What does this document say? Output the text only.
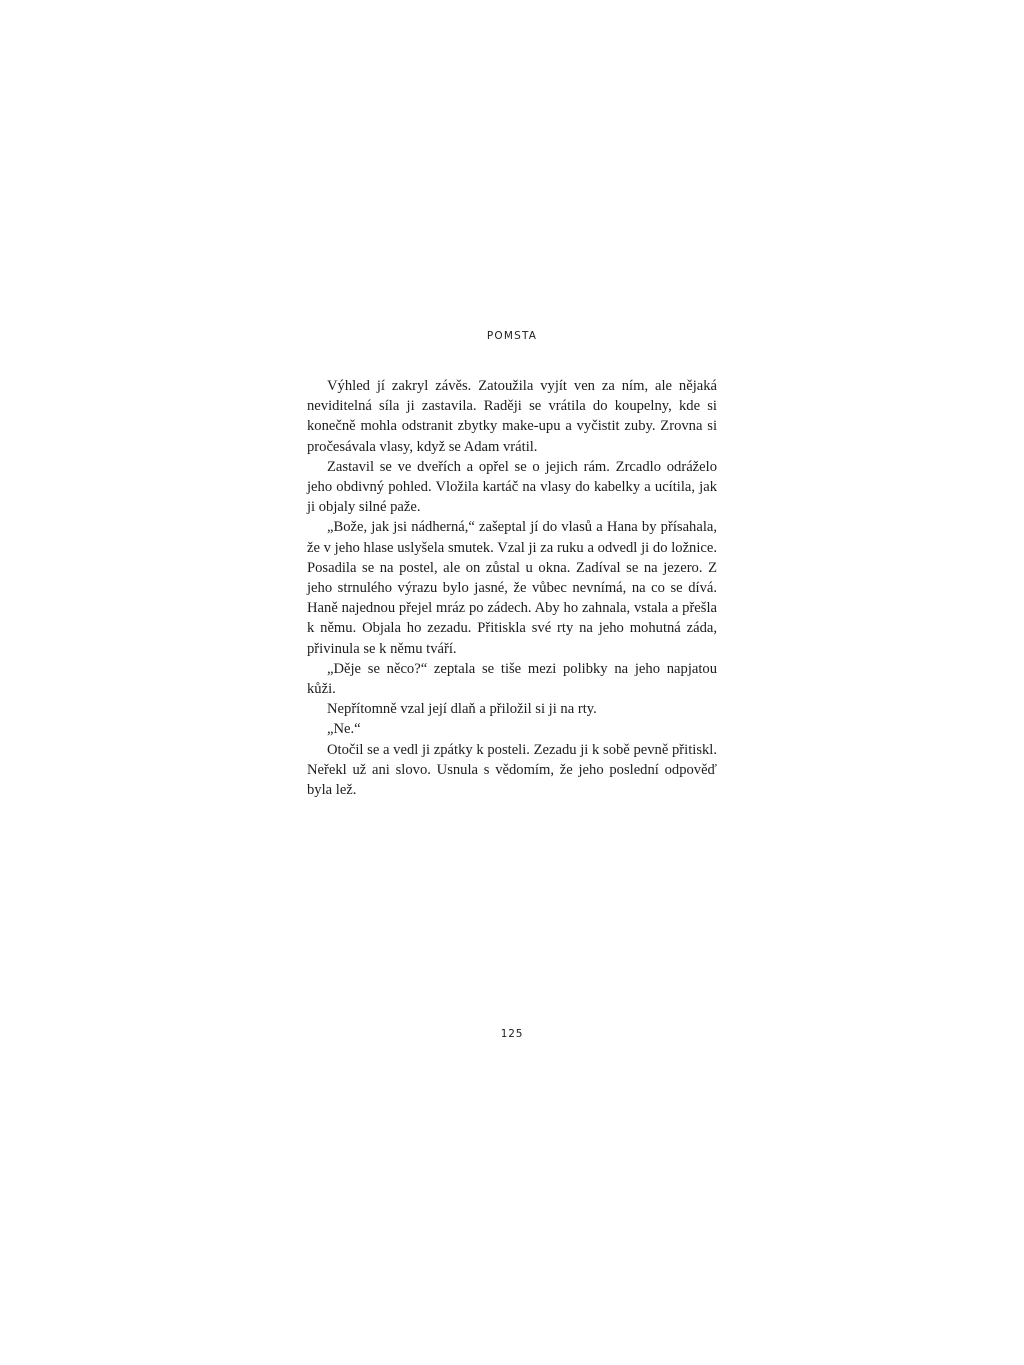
POMSTA

Výhled jí zakryl závěs. Zatoužila vyjít ven za ním, ale nějaká neviditelná síla ji zastavila. Raději se vrátila do koupelny, kde si konečně mohla odstranit zbytky make-upu a vyčistit zuby. Zrovna si pročesávala vlasy, když se Adam vrátil.

Zastavil se ve dveřích a opřel se o jejich rám. Zrcadlo odráželo jeho obdivný pohled. Vložila kartáč na vlasy do kabelky a ucítila, jak ji objaly silné paže.

„Bože, jak jsi nádherná,“ zašeptal jí do vlasů a Hana by přísahala, že v jeho hlase uslyšela smutek. Vzal ji za ruku a odvedl ji do ložnice. Posadila se na postel, ale on zůstal u okna. Zadíval se na jezero. Z jeho strnulého výrazu bylo jasné, že vůbec nevnímá, na co se dívá. Haně najednou přejel mráz po zádech. Aby ho zahnala, vstala a přešla k němu. Objala ho zezadu. Přitiskla své rty na jeho mohutná záda, přivinula se k němu tváří.

„Děje se něco?“ zeptala se tiše mezi polibky na jeho napjatou kůži.

Nepřítomně vzal její dlaň a přiložil si ji na rty.

„Ne.“

Otočil se a vedl ji zpátky k posteli. Zezadu ji k sobě pevně přitiskl. Neřekl už ani slovo. Usnula s vědomím, že jeho poslední odpověď byla lež.

125
